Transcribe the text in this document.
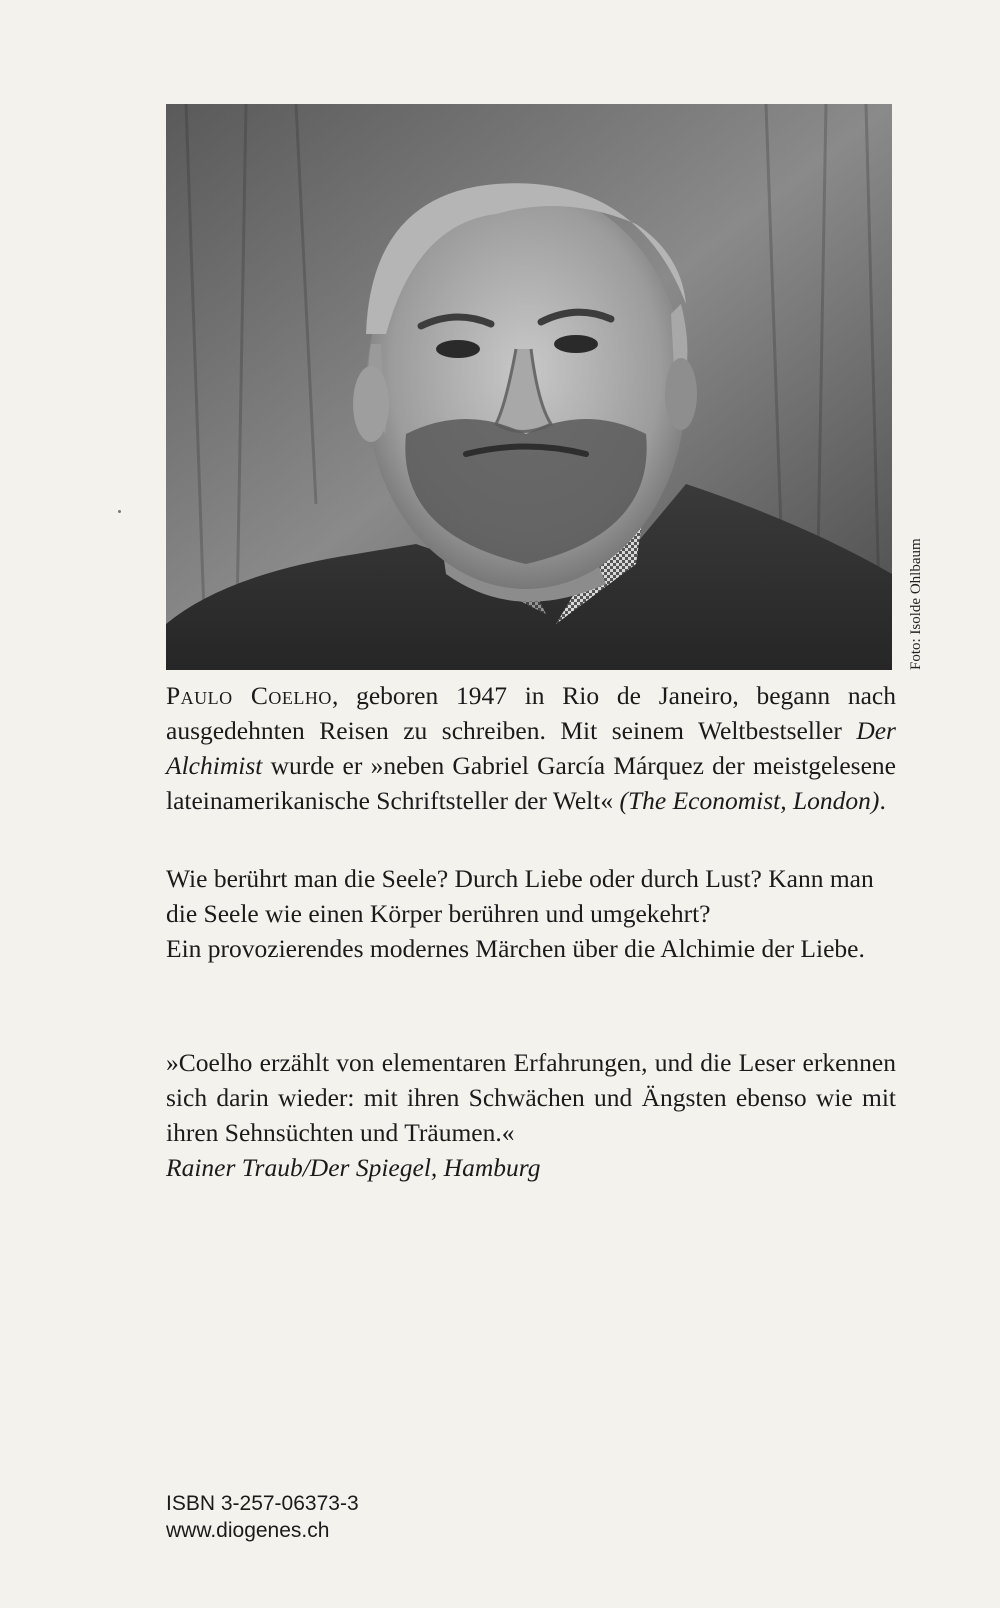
Foto: Isolde Ohlbaum

Paulo Coelho, geboren 1947 in Rio de Janeiro, begann nach ausgedehnten Reisen zu schreiben. Mit seinem Weltbestseller Der Alchimist wurde er »neben Gabriel García Márquez der meistgelesene lateinamerikanische Schriftsteller der Welt« (The Economist, London).

Wie berührt man die Seele? Durch Liebe oder durch Lust? Kann man die Seele wie einen Körper berühren und umgekehrt?

Ein provozierendes modernes Märchen über die Alchimie der Liebe.

»Coelho erzählt von elementaren Erfahrungen, und die Leser erkennen sich darin wieder: mit ihren Schwächen und Ängsten ebenso wie mit ihren Sehnsüchten und Träumen.«

Rainer Traub/Der Spiegel, Hamburg

ISBN 3-257-06373-3
www.diogenes.ch
